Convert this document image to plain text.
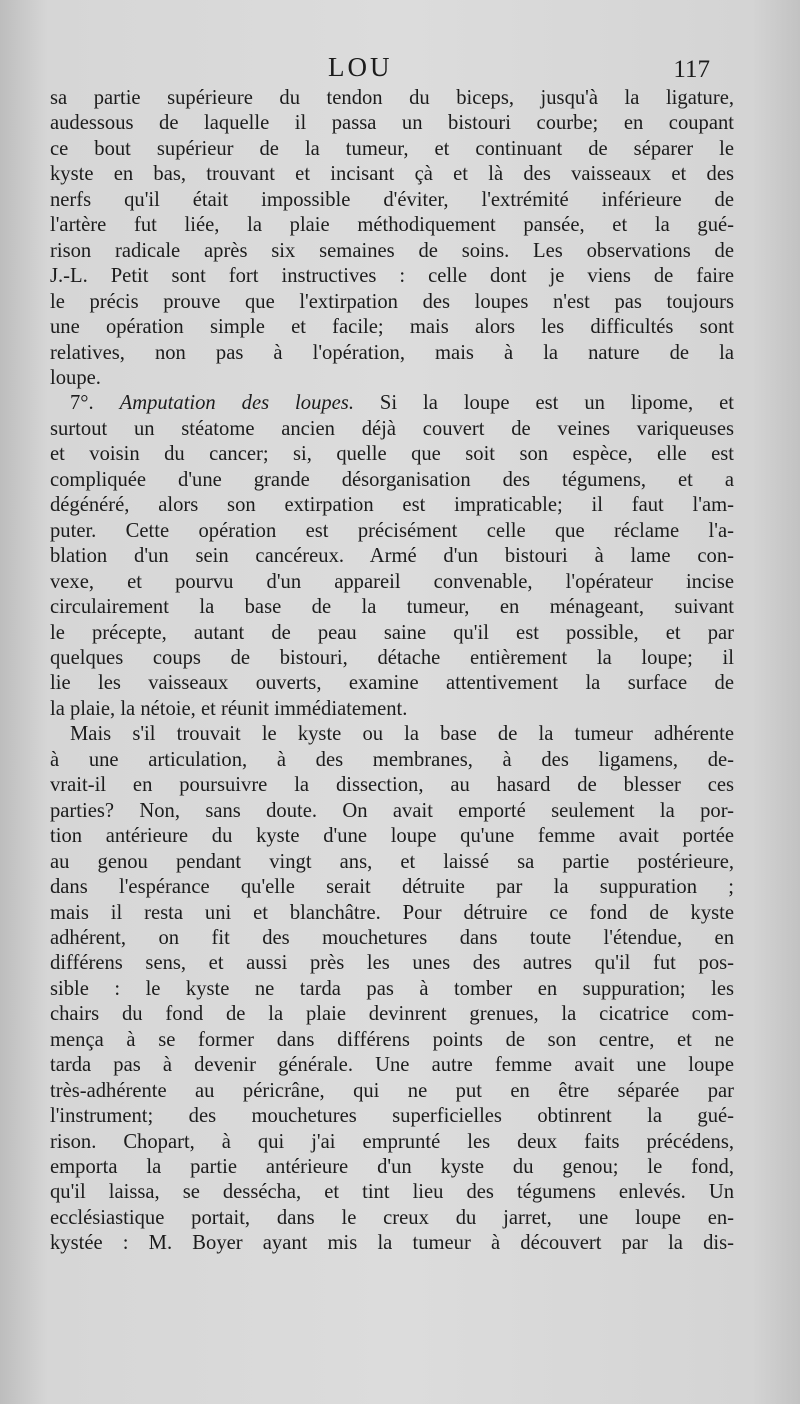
LOU	117
sa partie supérieure du tendon du biceps, jusqu'à la ligature,
audessous de laquelle il passa un bistouri courbe; en coupant
ce bout supérieur de la tumeur, et continuant de séparer le
kyste en bas, trouvant et incisant çà et là des vaisseaux et des
nerfs qu'il était impossible d'éviter, l'extrémité inférieure de
l'artère fut liée, la plaie méthodiquement pansée, et la gué-
rison radicale après six semaines de soins. Les observations de
J.-L. Petit sont fort instructives : celle dont je viens de faire
le précis prouve que l'extirpation des loupes n'est pas toujours
une opération simple et facile; mais alors les difficultés sont
relatives, non pas à l'opération, mais à la nature de la
loupe.
7°. Amputation des loupes. Si la loupe est un lipome, et
surtout un stéatome ancien déjà couvert de veines variqueuses
et voisin du cancer; si, quelle que soit son espèce, elle est
compliquée d'une grande désorganisation des tégumens, et a
dégénéré, alors son extirpation est impraticable; il faut l'am-
puter. Cette opération est précisément celle que réclame l'a-
blation d'un sein cancéreux. Armé d'un bistouri à lame con-
vexe, et pourvu d'un appareil convenable, l'opérateur incise
circulairement la base de la tumeur, en ménageant, suivant
le précepte, autant de peau saine qu'il est possible, et par
quelques coups de bistouri, détache entièrement la loupe; il
lie les vaisseaux ouverts, examine attentivement la surface de
la plaie, la nétoie, et réunit immédiatement.
Mais s'il trouvait le kyste ou la base de la tumeur adhérente
à une articulation, à des membranes, à des ligamens, de-
vrait-il en poursuivre la dissection, au hasard de blesser ces
parties? Non, sans doute. On avait emporté seulement la por-
tion antérieure du kyste d'une loupe qu'une femme avait portée
au genou pendant vingt ans, et laissé sa partie postérieure,
dans l'espérance qu'elle serait détruite par la suppuration ;
mais il resta uni et blanchâtre. Pour détruire ce fond de kyste
adhérent, on fit des mouchetures dans toute l'étendue, en
différens sens, et aussi près les unes des autres qu'il fut pos-
sible : le kyste ne tarda pas à tomber en suppuration; les
chairs du fond de la plaie devinrent grenues, la cicatrice com-
mença à se former dans différens points de son centre, et ne
tarda pas à devenir générale. Une autre femme avait une loupe
très-adhérente au péricrâne, qui ne put en être séparée par
l'instrument; des mouchetures superficielles obtinrent la gué-
rison. Chopart, à qui j'ai emprunté les deux faits précédens,
emporta la partie antérieure d'un kyste du genou; le fond,
qu'il laissa, se dessécha, et tint lieu des tégumens enlevés. Un
ecclésiastique portait, dans le creux du jarret, une loupe en-
kystée : M. Boyer ayant mis la tumeur à découvert par la dis-
